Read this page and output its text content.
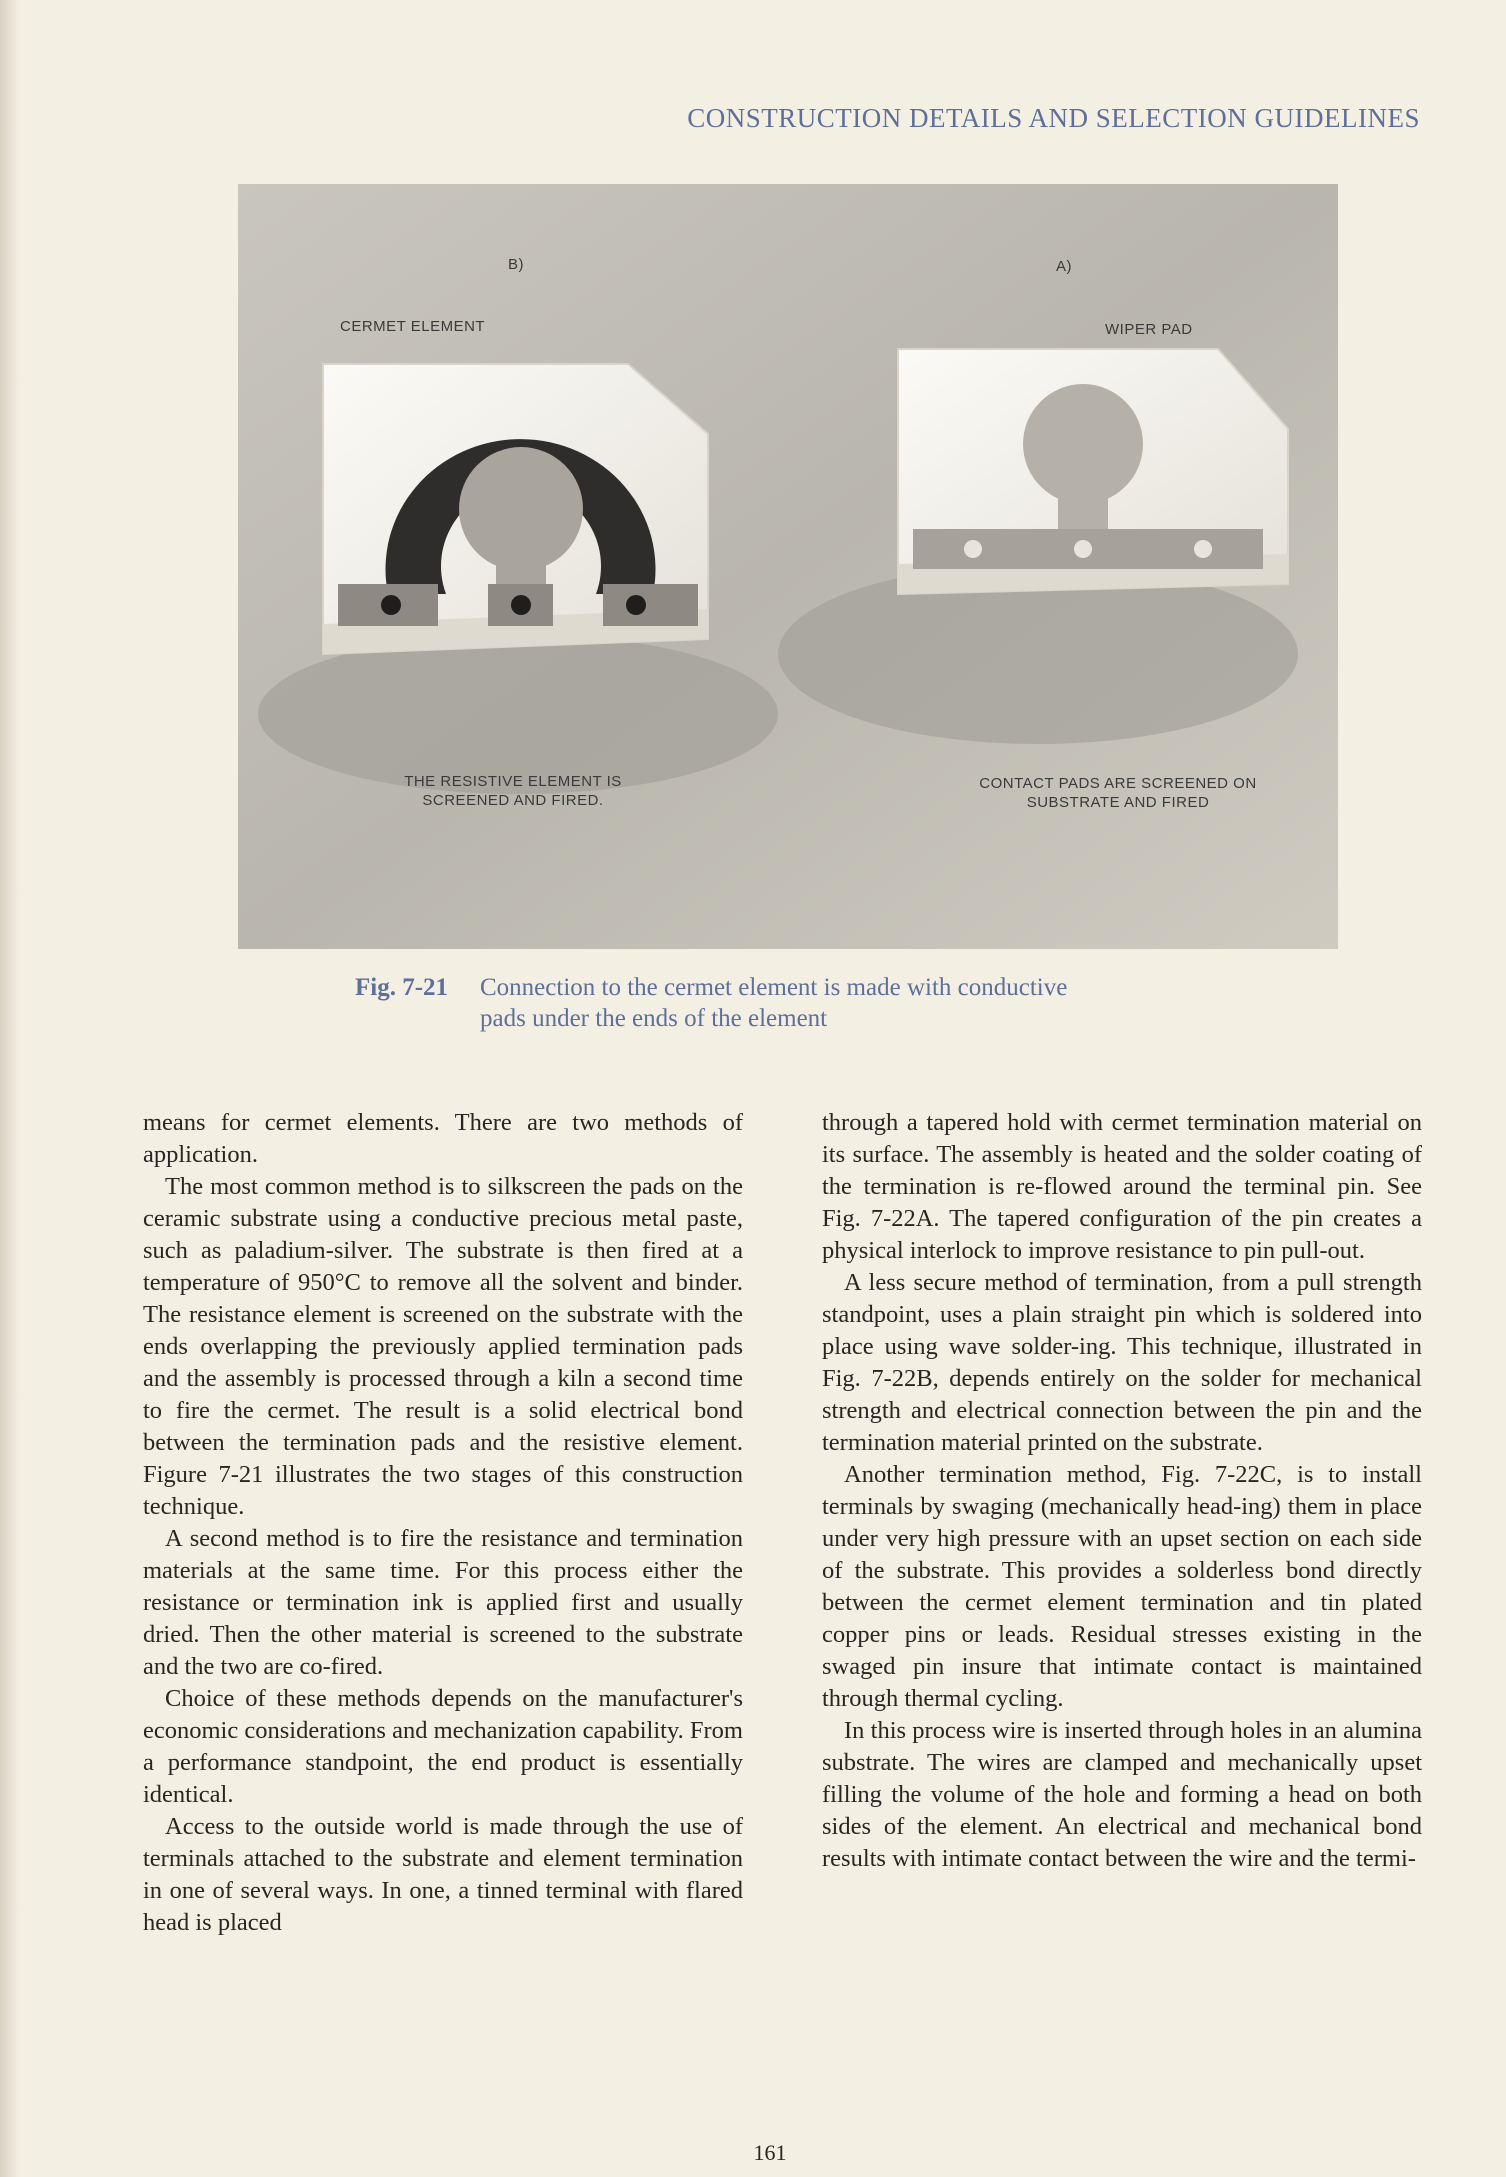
CONSTRUCTION DETAILS AND SELECTION GUIDELINES
B)	A)
CERMET ELEMENT	WIPER PAD
THE RESISTIVE ELEMENT IS
SCREENED AND FIRED.
CONTACT PADS ARE SCREENED ON
SUBSTRATE AND FIRED
Fig. 7-21 Connection to the cermet element is made with conductive
pads under the ends of the element

means for cermet elements. There are two methods of application.

The most common method is to silkscreen the pads on the ceramic substrate using a conductive precious metal paste, such as paladium-silver. The substrate is then fired at a temperature of 950°C to remove all the solvent and binder. The resistance element is screened on the substrate with the ends overlapping the previously applied termination pads and the assembly is processed through a kiln a second time to fire the cermet. The result is a solid electrical bond between the termination pads and the resistive element. Figure 7-21 illustrates the two stages of this construction technique.

A second method is to fire the resistance and termination materials at the same time. For this process either the resistance or termination ink is applied first and usually dried. Then the other material is screened to the substrate and the two are co-fired.

Choice of these methods depends on the manufacturer's economic considerations and mechanization capability. From a performance standpoint, the end product is essentially identical.

Access to the outside world is made through the use of terminals attached to the substrate and element termination in one of several ways. In one, a tinned terminal with flared head is placed

through a tapered hold with cermet termination material on its surface. The assembly is heated and the solder coating of the termination is re-flowed around the terminal pin. See Fig. 7-22A. The tapered configuration of the pin creates a physical interlock to improve resistance to pin pull-out.

A less secure method of termination, from a pull strength standpoint, uses a plain straight pin which is soldered into place using wave solder-ing. This technique, illustrated in Fig. 7-22B, depends entirely on the solder for mechanical strength and electrical connection between the pin and the termination material printed on the substrate.

Another termination method, Fig. 7-22C, is to install terminals by swaging (mechanically head-ing) them in place under very high pressure with an upset section on each side of the substrate. This provides a solderless bond directly between the cermet element termination and tin plated copper pins or leads. Residual stresses existing in the swaged pin insure that intimate contact is maintained through thermal cycling.

In this process wire is inserted through holes in an alumina substrate. The wires are clamped and mechanically upset filling the volume of the hole and forming a head on both sides of the element. An electrical and mechanical bond results with intimate contact between the wire and the termi-

161
